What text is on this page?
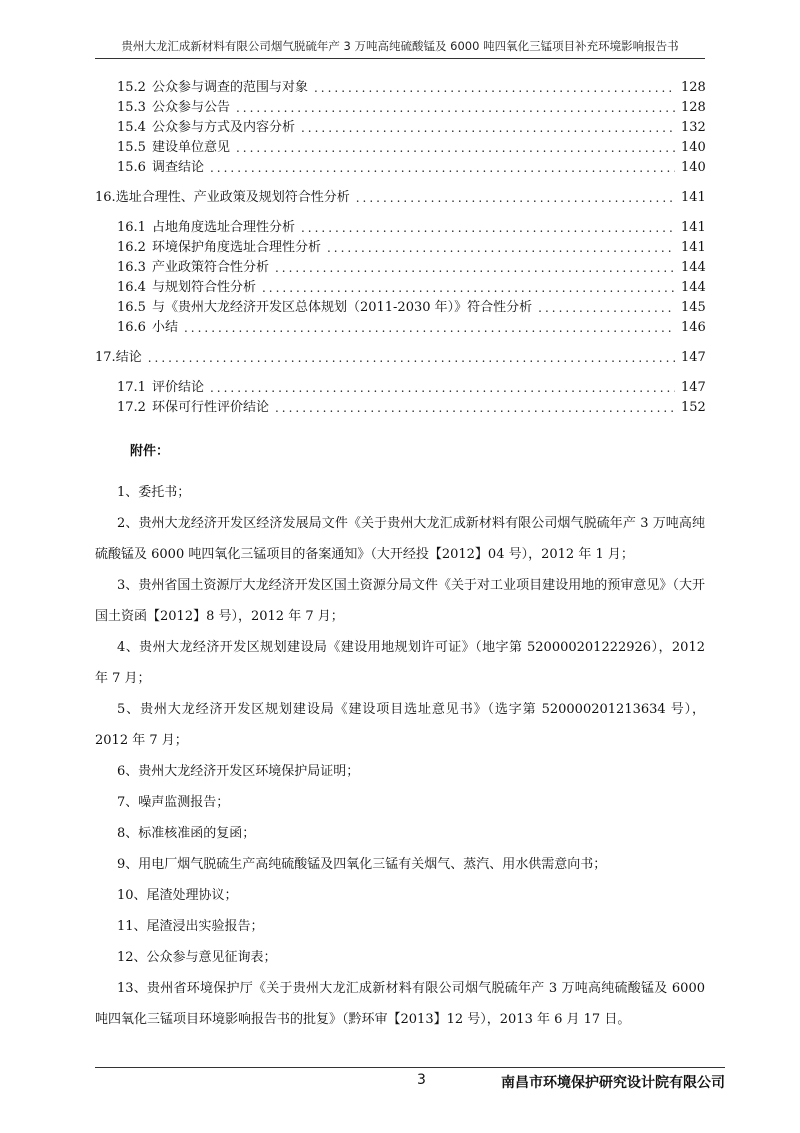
贵州大龙汇成新材料有限公司烟气脱硫年产 3 万吨高纯硫酸锰及 6000 吨四氧化三锰项目补充环境影响报告书
15.2 公众参与调查的范围与对象 .....	128
15.3 公众参与公告 .....	128
15.4 公众参与方式及内容分析 .....	132
15.5 建设单位意见 .....	140
15.6 调查结论 .....	140
16. 选址合理性、产业政策及规划符合性分析 .....	141
16.1 占地角度选址合理性分析 .....	141
16.2 环境保护角度选址合理性分析 .....	141
16.3 产业政策符合性分析 .....	144
16.4 与规划符合性分析 .....	144
16.5 与《贵州大龙经济开发区总体规划（2011-2030 年）》符合性分析 .....	145
16.6 小结 .....	146
17. 结论 .....	147
17.1 评价结论 .....	147
17.2 环保可行性评价结论 .....	152
附件：
1、委托书；
2、贵州大龙经济开发区经济发展局文件《关于贵州大龙汇成新材料有限公司烟气脱硫年产 3 万吨高纯硫酸锰及 6000 吨四氧化三锰项目的备案通知》（大开经投【2012】04 号），2012 年 1 月；
3、贵州省国土资源厅大龙经济开发区国土资源分局文件《关于对工业项目建设用地的预审意见》（大开国土资函【2012】8 号），2012 年 7 月；
4、贵州大龙经济开发区规划建设局《建设用地规划许可证》（地字第 520000201222926），2012 年 7 月；
5、贵州大龙经济开发区规划建设局《建设项目选址意见书》（选字第 520000201213634 号），2012 年 7 月；
6、贵州大龙经济开发区环境保护局证明；
7、噪声监测报告；
8、标准核准函的复函；
9、用电厂烟气脱硫生产高纯硫酸锰及四氧化三锰有关烟气、蒸汽、用水供需意向书；
10、尾渣处理协议；
11、尾渣浸出实验报告；
12、公众参与意见征询表；
13、贵州省环境保护厅《关于贵州大龙汇成新材料有限公司烟气脱硫年产 3 万吨高纯硫酸锰及 6000 吨四氧化三锰项目环境影响报告书的批复》（黔环审【2013】12 号），2013 年 6 月 17 日。
3	南昌市环境保护研究设计院有限公司
